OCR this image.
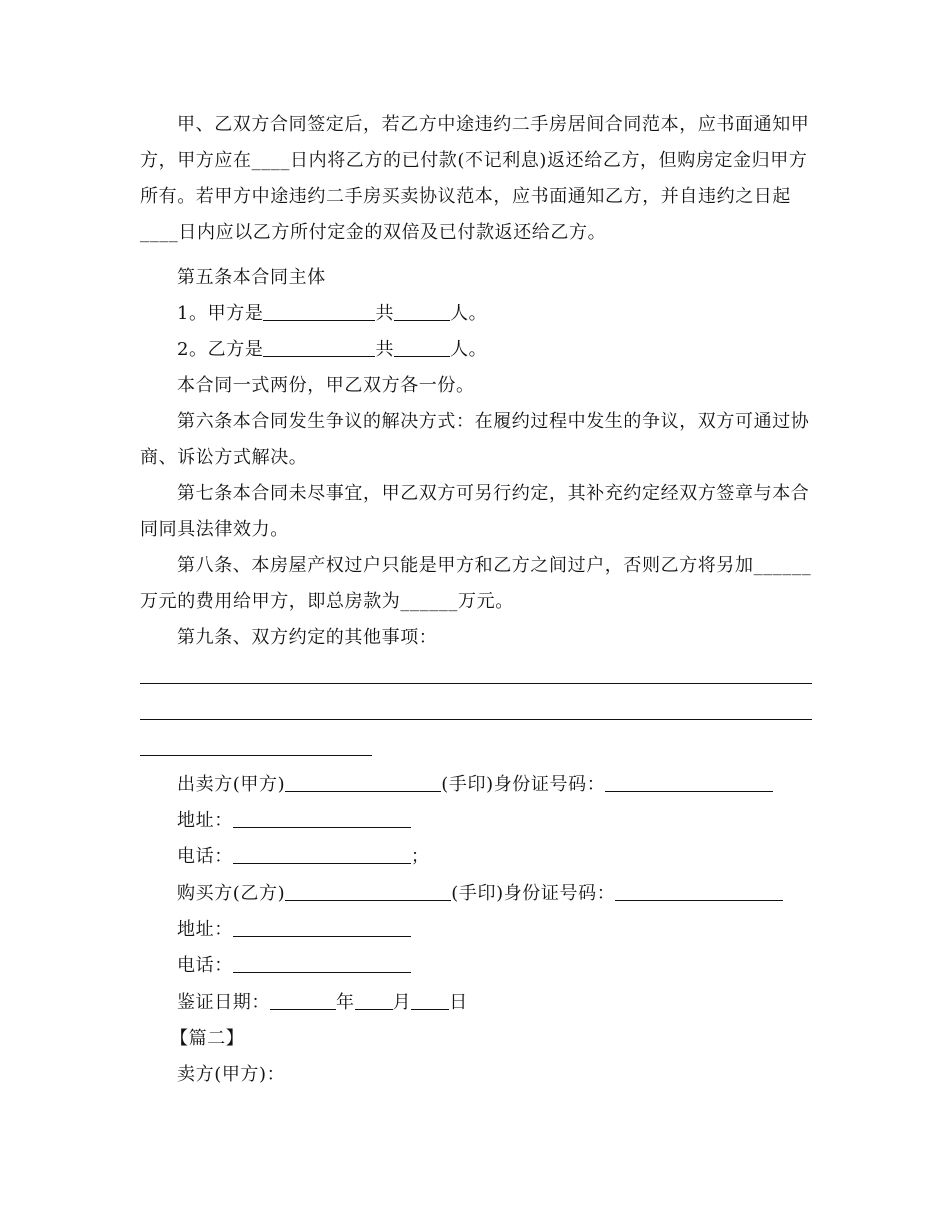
甲、乙双方合同签定后，若乙方中途违约二手房居间合同范本，应书面通知甲方，甲方应在____日内将乙方的已付款(不记利息)返还给乙方，但购房定金归甲方所有。若甲方中途违约二手房买卖协议范本，应书面通知乙方，并自违约之日起____日内应以乙方所付定金的双倍及已付款返还给乙方。

第五条本合同主体
1。甲方是	共	人。
2。乙方是	共	人。
本合同一式两份，甲乙双方各一份。

第六条本合同发生争议的解决方式：在履约过程中发生的争议，双方可通过协商、诉讼方式解决。

第七条本合同未尽事宜，甲乙双方可另行约定，其补充约定经双方签章与本合同同具法律效力。

第八条、本房屋产权过户只能是甲方和乙方之间过户，否则乙方将另加______万元的费用给甲方，即总房款为______万元。

第九条、双方约定的其他事项：
出卖方(甲方)	(手印)身份证号码：
地址：
电话：	；
购买方(乙方)	(手印)身份证号码：
地址：
电话：
鉴证日期：	年 月 日
【篇二】
卖方(甲方)：
